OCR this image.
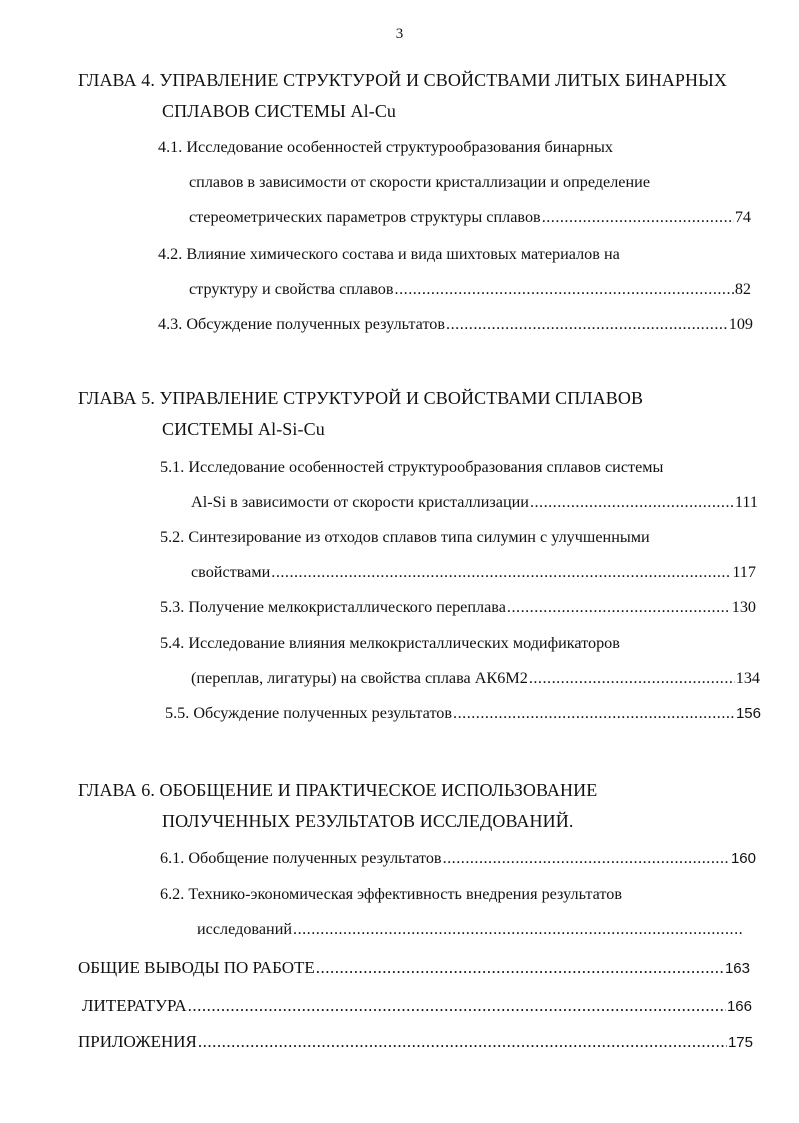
3
ГЛАВА 4. УПРАВЛЕНИЕ СТРУКТУРОЙ И СВОЙСТВАМИ ЛИТЫХ БИНАРНЫХ
СПЛАВОВ СИСТЕМЫ Al-Cu
4.1. Исследование особенностей структурообразования бинарных
сплавов в зависимости от скорости кристаллизации и определение
стереометрических параметров структуры сплавов .....	74
4.2. Влияние химического состава и вида шихтовых материалов на
структуру и свойства сплавов .....	82
4.3. Обсуждение полученных результатов .....	109
ГЛАВА 5. УПРАВЛЕНИЕ СТРУКТУРОЙ И СВОЙСТВАМИ СПЛАВОВ
СИСТЕМЫ Al-Si-Cu
5.1. Исследование особенностей структурообразования сплавов системы
Al-Si в зависимости от скорости кристаллизации .....	111
5.2. Синтезирование из отходов сплавов типа силумин с улучшенными
свойствами .....	117
5.3. Получение мелкокристаллического переплава .....	130
5.4. Исследование влияния мелкокристаллических модификаторов
(переплав, лигатуры) на свойства сплава АК6М2 .....	134
5.5. Обсуждение полученных результатов .....	156
ГЛАВА 6. ОБОБЩЕНИЕ И ПРАКТИЧЕСКОЕ ИСПОЛЬЗОВАНИЕ
ПОЛУЧЕННЫХ РЕЗУЛЬТАТОВ ИССЛЕДОВАНИЙ.
6.1. Обобщение полученных результатов .....	160
6.2. Технико-экономическая эффективность внедрения результатов
исследований
.....
ОБЩИЕ ВЫВОДЫ ПО РАБОТЕ .....	163
ЛИТЕРАТУРА .....	166
ПРИЛОЖЕНИЯ .....	175
